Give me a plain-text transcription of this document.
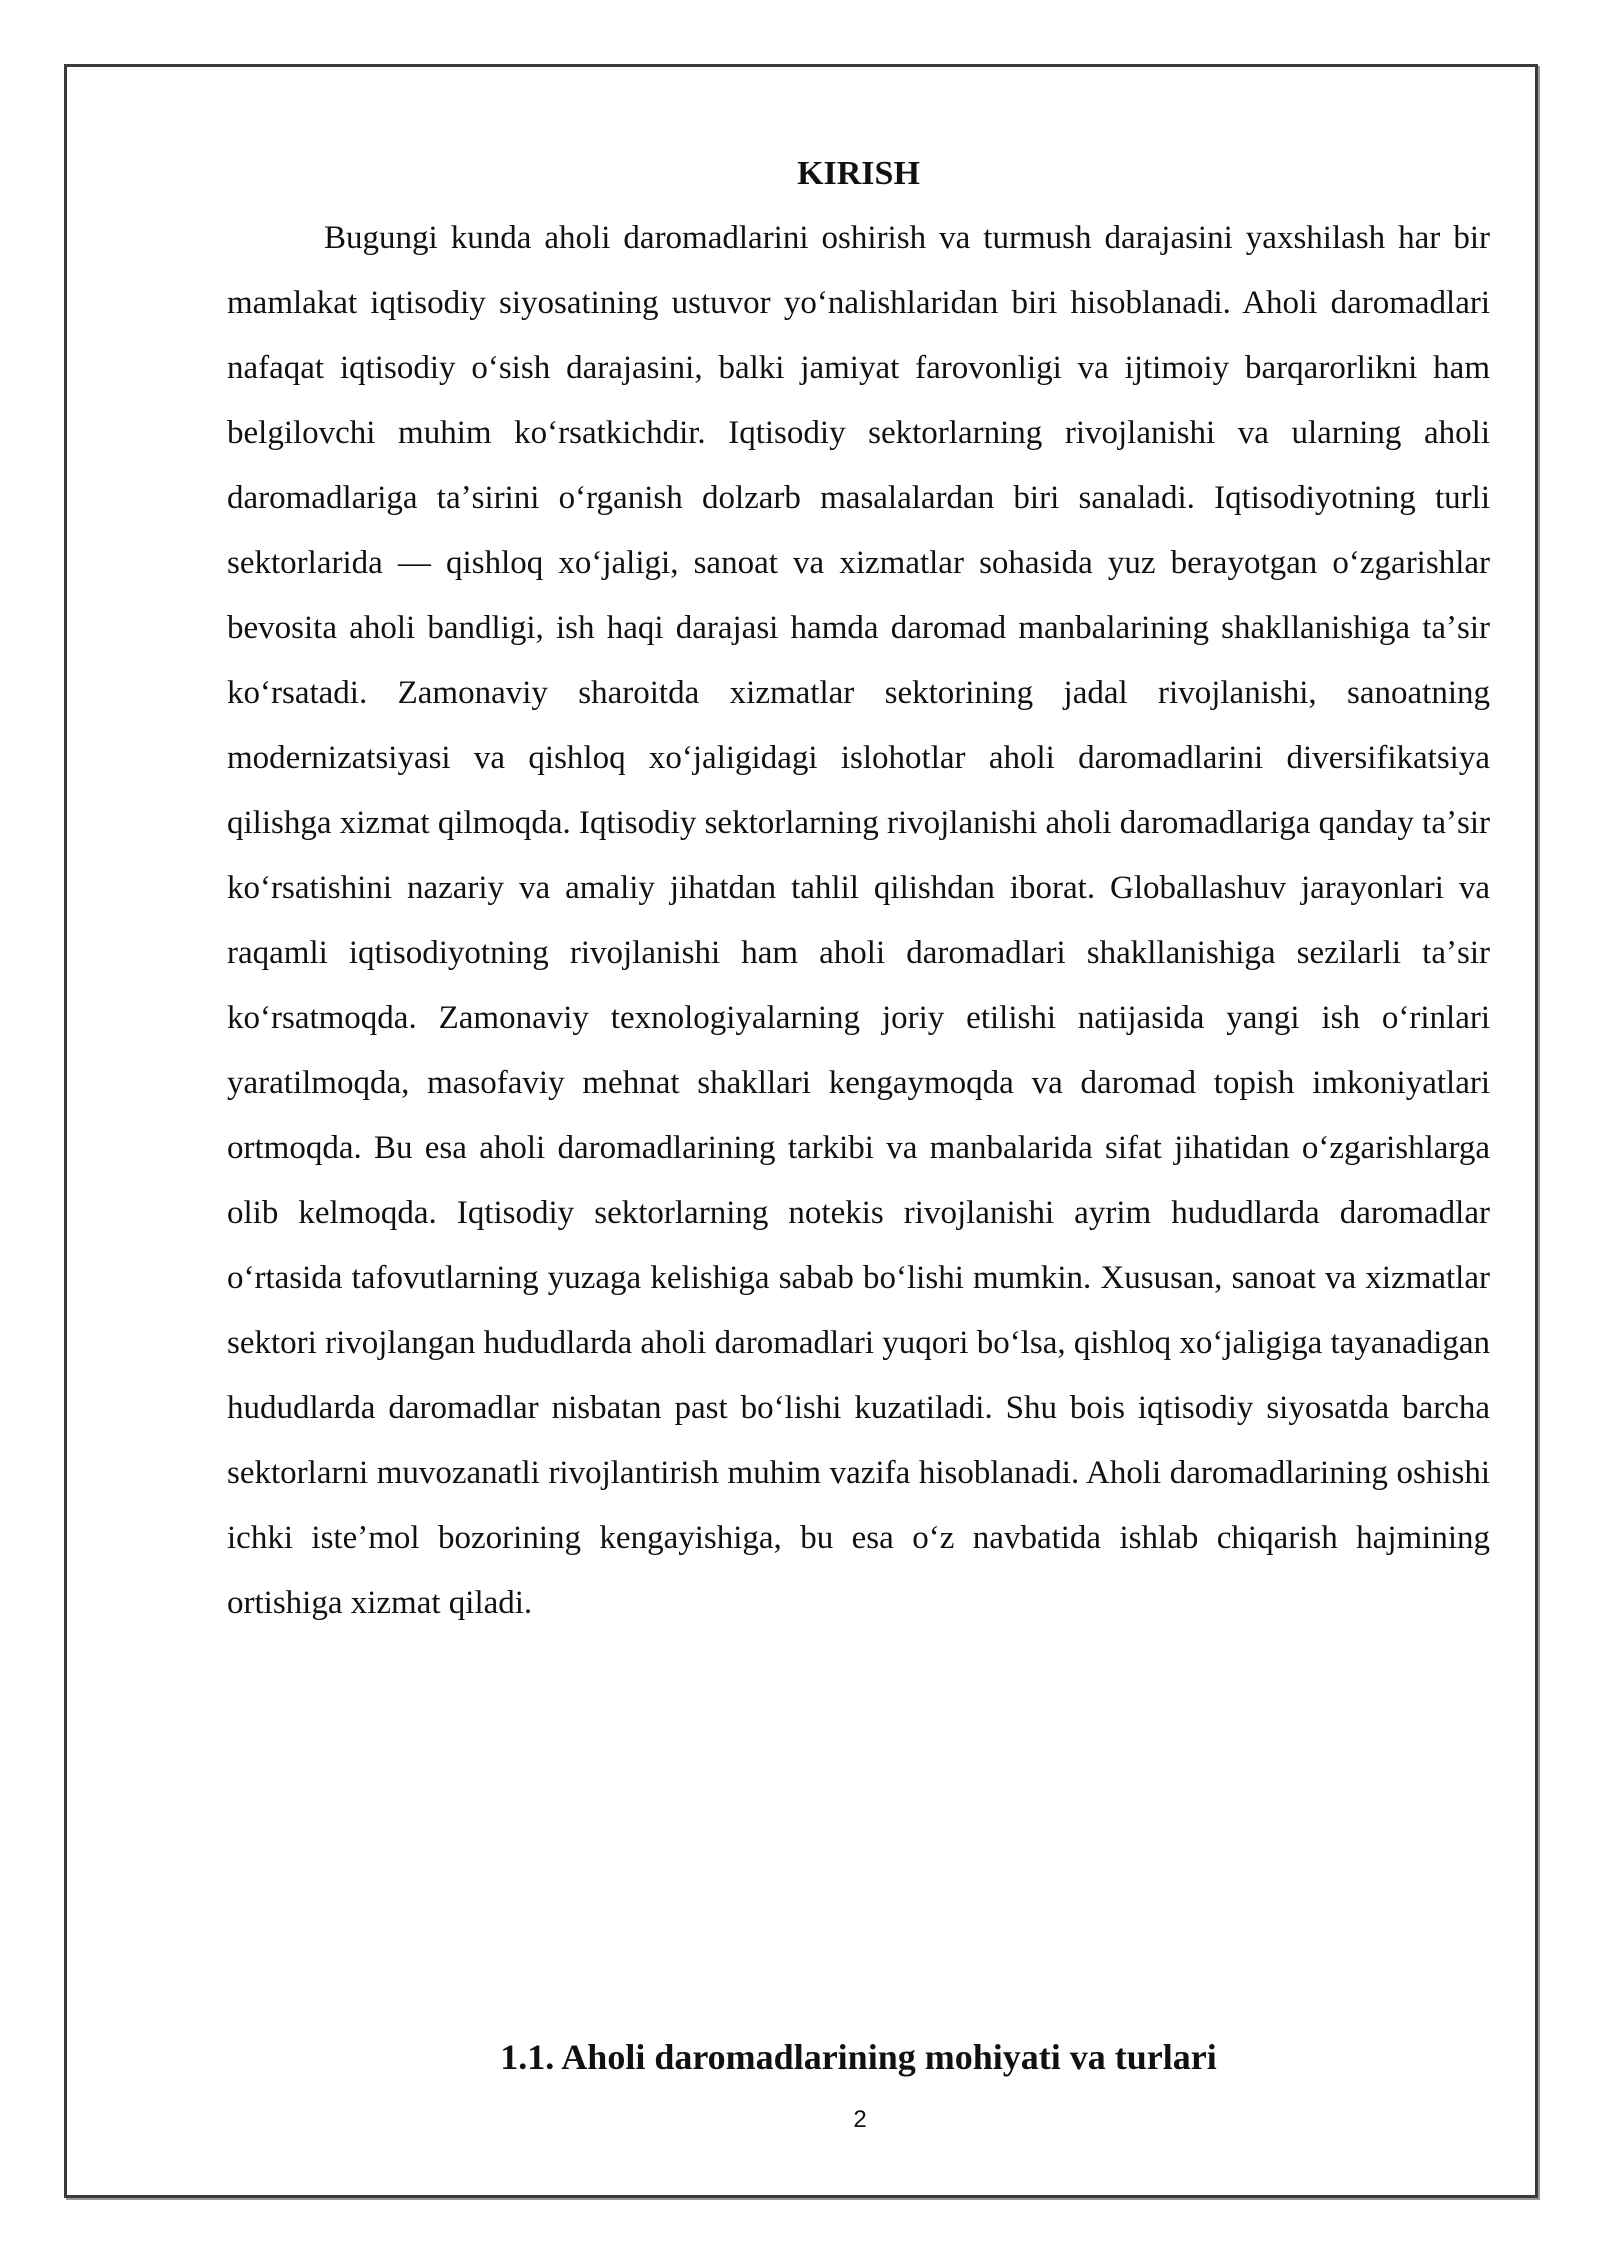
KIRISH

Bugungi kunda aholi daromadlarini oshirish va turmush darajasini yaxshilash har bir mamlakat iqtisodiy siyosatining ustuvor yoʻnalishlaridan biri hisoblanadi. Aholi daromadlari nafaqat iqtisodiy oʻsish darajasini, balki jamiyat farovonligi va ijtimoiy barqarorlikni ham belgilovchi muhim koʻrsatkichdir. Iqtisodiy sektorlarning rivojlanishi va ularning aholi daromadlariga taʼsirini oʻrganish dolzarb masalalardan biri sanaladi. Iqtisodiyotning turli sektorlarida — qishloq xoʻjaligi, sanoat va xizmatlar sohasida yuz berayotgan oʻzgarishlar bevosita aholi bandligi, ish haqi darajasi hamda daromad manbalarining shakllanishiga taʼsir koʻrsatadi. Zamonaviy sharoitda xizmatlar sektorining jadal rivojlanishi, sanoatning modernizatsiyasi va qishloq xoʻjaligidagi islohotlar aholi daromadlarini diversifikatsiya qilishga xizmat qilmoqda. Iqtisodiy sektorlarning rivojlanishi aholi daromadlariga qanday taʼsir koʻrsatishini nazariy va amaliy jihatdan tahlil qilishdan iborat. Globallashuv jarayonlari va raqamli iqtisodiyotning rivojlanishi ham aholi daromadlari shakllanishiga sezilarli taʼsir koʻrsatmoqda. Zamonaviy texnologiyalarning joriy etilishi natijasida yangi ish oʻrinlari yaratilmoqda, masofaviy mehnat shakllari kengaymoqda va daromad topish imkoniyatlari ortmoqda. Bu esa aholi daromadlarining tarkibi va manbalarida sifat jihatidan oʻzgarishlarga olib kelmoqda. Iqtisodiy sektorlarning notekis rivojlanishi ayrim hududlarda daromadlar oʻrtasida tafovutlarning yuzaga kelishiga sabab boʻlishi mumkin. Xususan, sanoat va xizmatlar sektori rivojlangan hududlarda aholi daromadlari yuqori boʻlsa, qishloq xoʻjaligiga tayanadigan hududlarda daromadlar nisbatan past boʻlishi kuzatiladi. Shu bois iqtisodiy siyosatda barcha sektorlarni muvozanatli rivojlantirish muhim vazifa hisoblanadi. Aholi daromadlarining oshishi ichki isteʼmol bozorining kengayishiga, bu esa oʻz navbatida ishlab chiqarish hajmining ortishiga xizmat qiladi.

1.1. Aholi daromadlarining mohiyati va turlari
2
